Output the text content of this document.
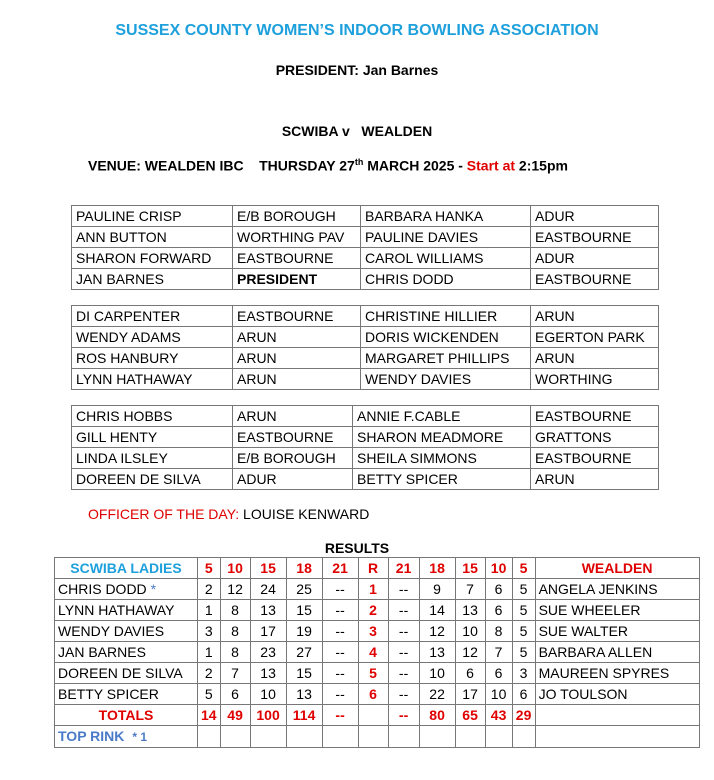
SUSSEX COUNTY WOMEN’S INDOOR BOWLING ASSOCIATION
PRESIDENT: Jan Barnes
SCWIBA v   WEALDEN
VENUE: WEALDEN IBC    THURSDAY 27th MARCH 2025 - Start at 2:15pm
PAULINE CRISP	E/B BOROUGH	BARBARA HANKA	ADUR
ANN BUTTON	WORTHING PAV	PAULINE DAVIES	EASTBOURNE
SHARON FORWARD	EASTBOURNE	CAROL WILLIAMS	ADUR
JAN BARNES	PRESIDENT	CHRIS DODD	EASTBOURNE
DI CARPENTER	EASTBOURNE	CHRISTINE HILLIER	ARUN
WENDY ADAMS	ARUN	DORIS WICKENDEN	EGERTON PARK
ROS HANBURY	ARUN	MARGARET PHILLIPS	ARUN
LYNN HATHAWAY	ARUN	WENDY DAVIES	WORTHING
CHRIS HOBBS	ARUN	ANNIE F.CABLE	EASTBOURNE
GILL HENTY	EASTBOURNE	SHARON MEADMORE	GRATTONS
LINDA ILSLEY	E/B BOROUGH	SHEILA SIMMONS	EASTBOURNE
DOREEN DE SILVA	ADUR	BETTY SPICER	ARUN
OFFICER OF THE DAY: LOUISE KENWARD
RESULTS
SCWIBA LADIES	5	10	15	18	21	R	21	18	15	10	5	WEALDEN
CHRIS DODD *	2	12	24	25	--	1	--	9	7	6	5	ANGELA JENKINS
LYNN HATHAWAY	1	8	13	15	--	2	--	14	13	6	5	SUE WHEELER
WENDY DAVIES	3	8	17	19	--	3	--	12	10	8	5	SUE WALTER
JAN BARNES	1	8	23	27	--	4	--	13	12	7	5	BARBARA ALLEN
DOREEN DE SILVA	2	7	13	15	--	5	--	10	6	6	3	MAUREEN SPYRES
BETTY SPICER	5	6	10	13	--	6	--	22	17	10	6	JO TOULSON
TOTALS	14	49	100	114	--		--	80	65	43	29	
TOP RINK * 1												
